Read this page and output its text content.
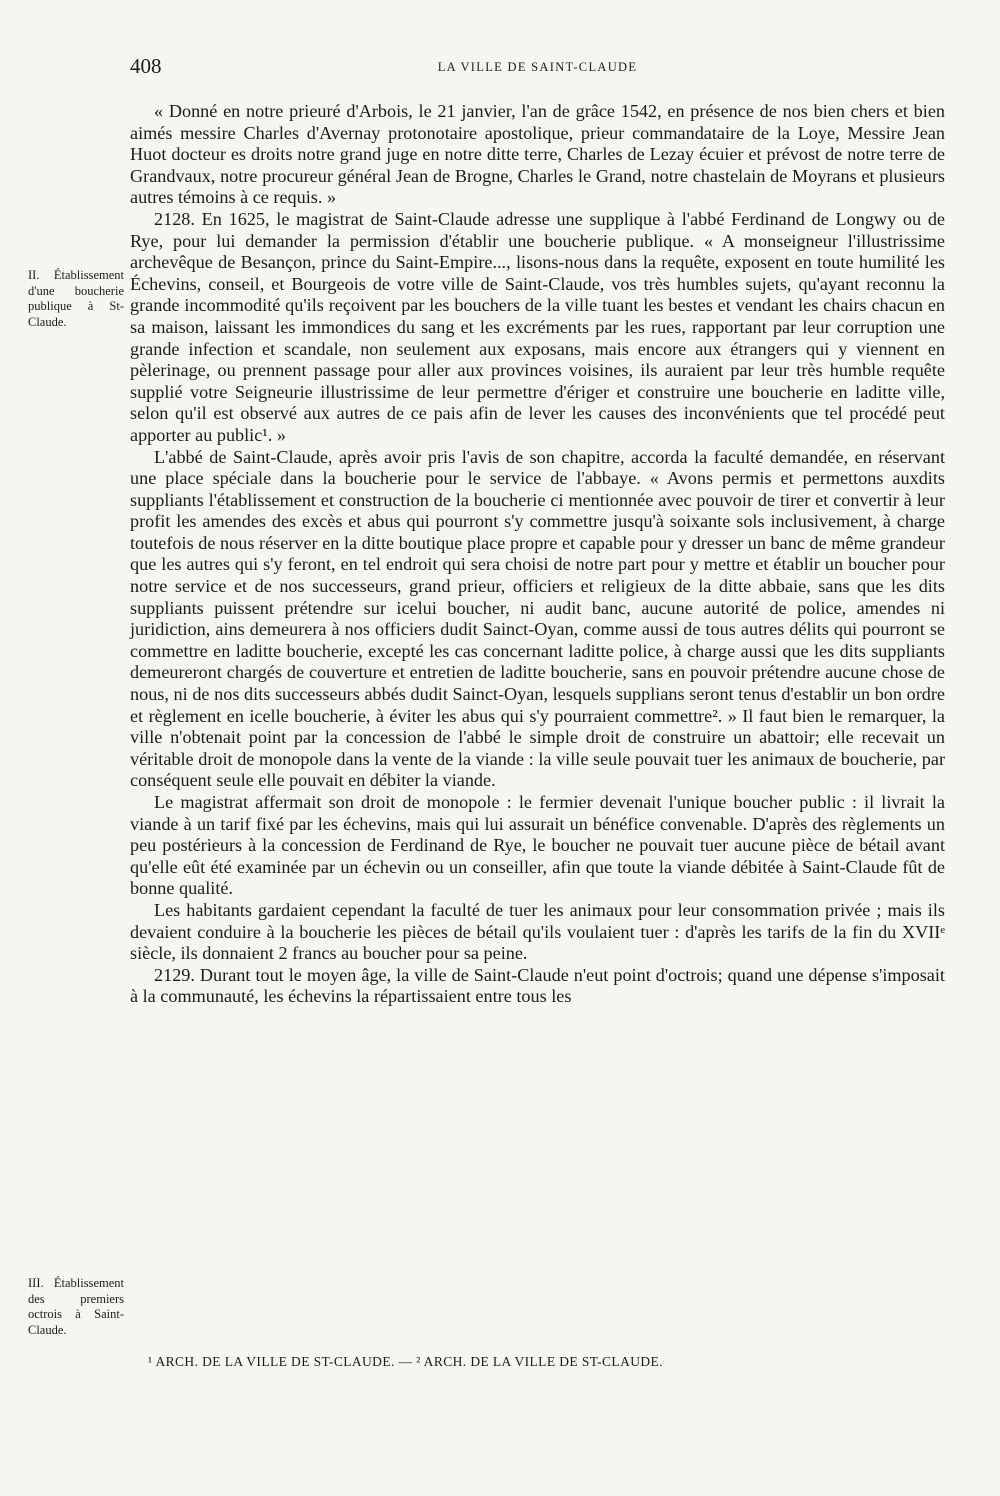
408	LA VILLE DE SAINT-CLAUDE
II. Établissement d'une boucherie publique à St-Claude.
III. Établissement des premiers octrois à Saint-Claude.

« Donné en notre prieuré d'Arbois, le 21 janvier, l'an de grâce 1542, en présence de nos bien chers et bien aimés messire Charles d'Avernay protonotaire apostolique, prieur commandataire de la Loye, Messire Jean Huot docteur es droits notre grand juge en notre ditte terre, Charles de Lezay écuier et prévost de notre terre de Grandvaux, notre procureur général Jean de Brogne, Charles le Grand, notre chastelain de Moyrans et plusieurs autres témoins à ce requis. »

2128. En 1625, le magistrat de Saint-Claude adresse une supplique à l'abbé Ferdinand de Longwy ou de Rye, pour lui demander la permission d'établir une boucherie publique. « A monseigneur l'illustrissime archevêque de Besançon, prince du Saint-Empire..., lisons-nous dans la requête, exposent en toute humilité les Échevins, conseil, et Bourgeois de votre ville de Saint-Claude, vos très humbles sujets, qu'ayant reconnu la grande incommodité qu'ils reçoivent par les bouchers de la ville tuant les bestes et vendant les chairs chacun en sa maison, laissant les immondices du sang et les excréments par les rues, rapportant par leur corruption une grande infection et scandale, non seulement aux exposans, mais encore aux étrangers qui y viennent en pèlerinage, ou prennent passage pour aller aux provinces voisines, ils auraient par leur très humble requête supplié votre Seigneurie illustrissime de leur permettre d'ériger et construire une boucherie en laditte ville, selon qu'il est observé aux autres de ce pais afin de lever les causes des inconvénients que tel procédé peut apporter au public¹. »

L'abbé de Saint-Claude, après avoir pris l'avis de son chapitre, accorda la faculté demandée, en réservant une place spéciale dans la boucherie pour le service de l'abbaye. « Avons permis et permettons auxdits suppliants l'établissement et construction de la boucherie ci mentionnée avec pouvoir de tirer et convertir à leur profit les amendes des excès et abus qui pourront s'y commettre jusqu'à soixante sols inclusivement, à charge toutefois de nous réserver en la ditte boutique place propre et capable pour y dresser un banc de même grandeur que les autres qui s'y feront, en tel endroit qui sera choisi de notre part pour y mettre et établir un boucher pour notre service et de nos successeurs, grand prieur, officiers et religieux de la ditte abbaie, sans que les dits suppliants puissent prétendre sur icelui boucher, ni audit banc, aucune autorité de police, amendes ni juridiction, ains demeurera à nos officiers dudit Sainct-Oyan, comme aussi de tous autres délits qui pourront se commettre en laditte boucherie, excepté les cas concernant laditte police, à charge aussi que les dits suppliants demeureront chargés de couverture et entretien de laditte boucherie, sans en pouvoir prétendre aucune chose de nous, ni de nos dits successeurs abbés dudit Sainct-Oyan, lesquels supplians seront tenus d'establir un bon ordre et règlement en icelle boucherie, à éviter les abus qui s'y pourraient commettre². » Il faut bien le remarquer, la ville n'obtenait point par la concession de l'abbé le simple droit de construire un abattoir; elle recevait un véritable droit de monopole dans la vente de la viande : la ville seule pouvait tuer les animaux de boucherie, par conséquent seule elle pouvait en débiter la viande.

Le magistrat affermait son droit de monopole : le fermier devenait l'unique boucher public : il livrait la viande à un tarif fixé par les échevins, mais qui lui assurait un bénéfice convenable. D'après des règlements un peu postérieurs à la concession de Ferdinand de Rye, le boucher ne pouvait tuer aucune pièce de bétail avant qu'elle eût été examinée par un échevin ou un conseiller, afin que toute la viande débitée à Saint-Claude fût de bonne qualité.

Les habitants gardaient cependant la faculté de tuer les animaux pour leur consommation privée ; mais ils devaient conduire à la boucherie les pièces de bétail qu'ils voulaient tuer : d'après les tarifs de la fin du XVIIᵉ siècle, ils donnaient 2 francs au boucher pour sa peine.

2129. Durant tout le moyen âge, la ville de Saint-Claude n'eut point d'octrois; quand une dépense s'imposait à la communauté, les échevins la répartissaient entre tous les

¹ ARCH. DE LA VILLE DE ST-CLAUDE. — ² ARCH. DE LA VILLE DE ST-CLAUDE.
